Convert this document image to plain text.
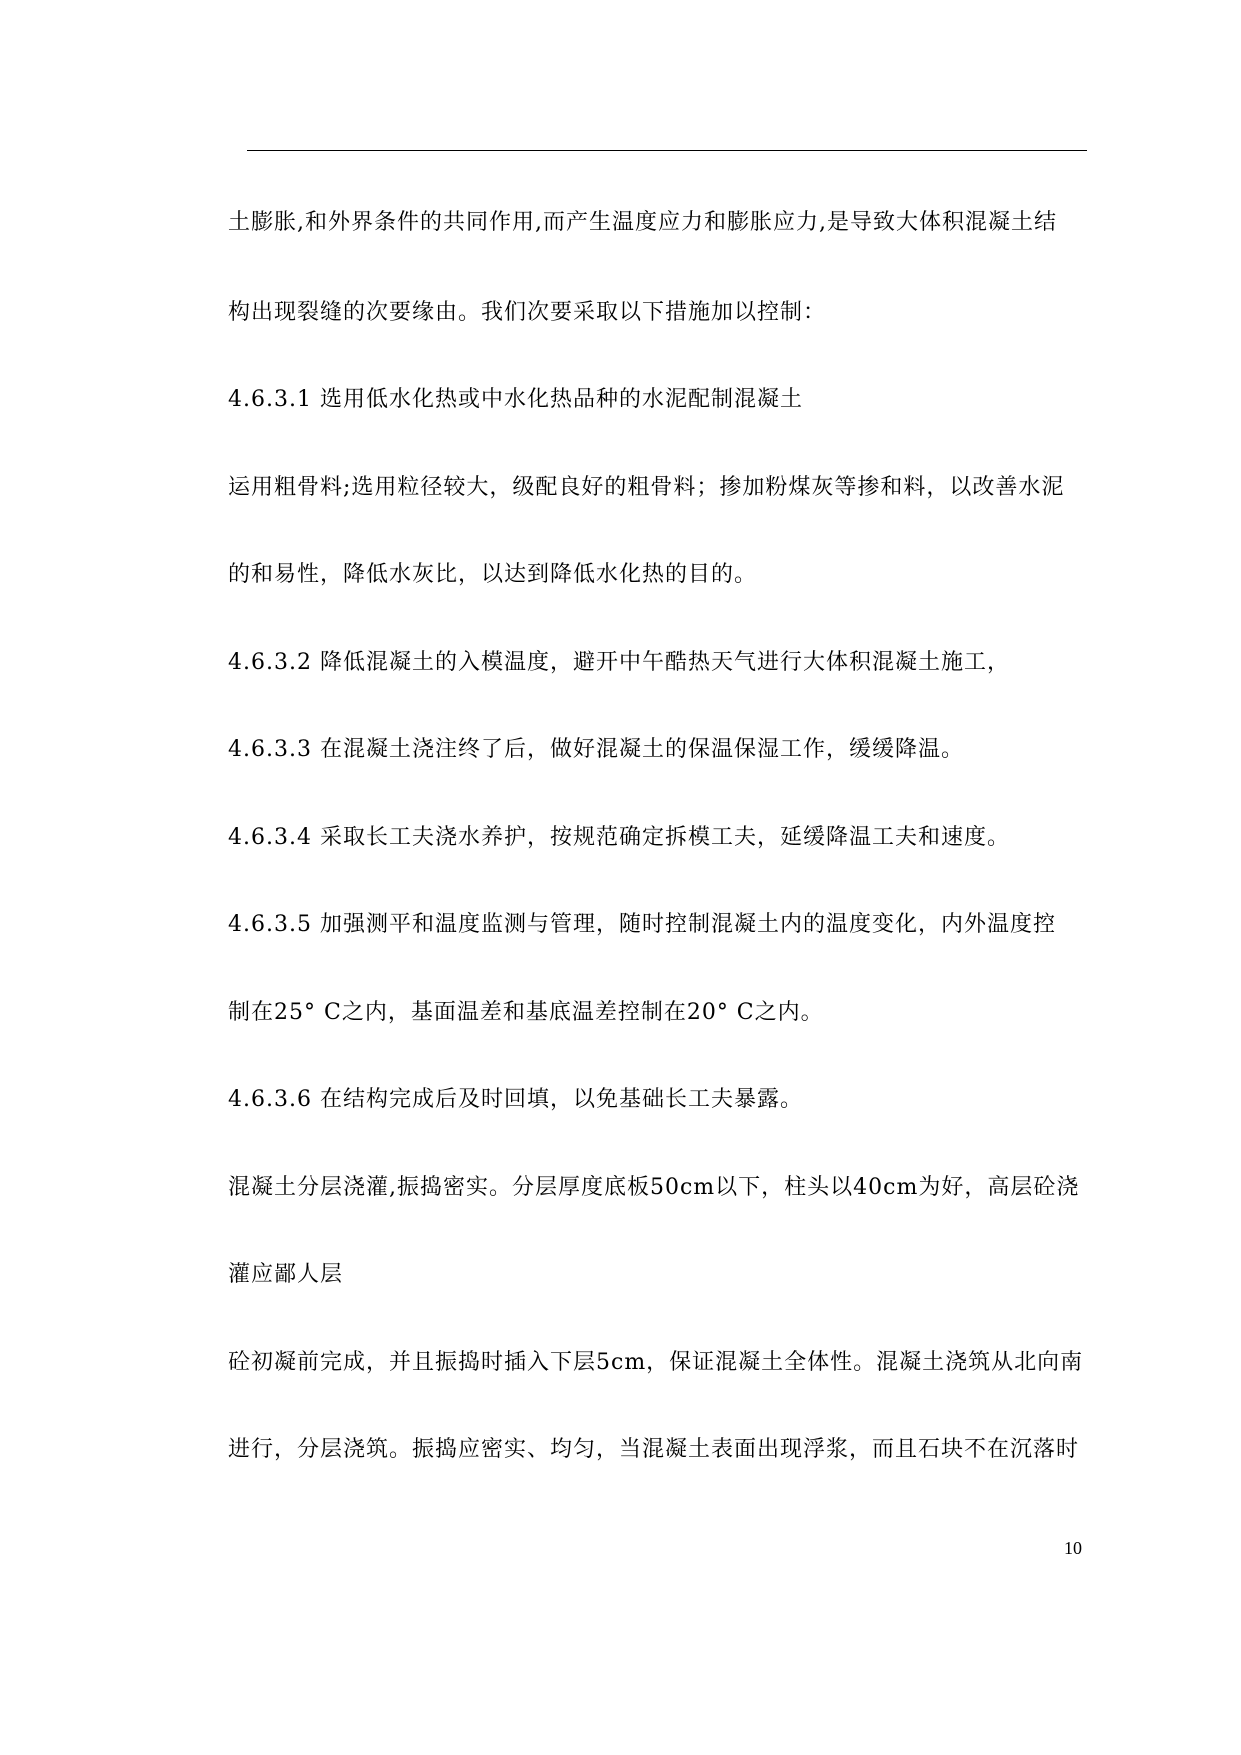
土膨胀,和外界条件的共同作用,而产生温度应力和膨胀应力,是导致大体积混凝土结
构出现裂缝的次要缘由。我们次要采取以下措施加以控制：
4.6.3.1 选用低水化热或中水化热品种的水泥配制混凝土
运用粗骨料;选用粒径较大，级配良好的粗骨料；掺加粉煤灰等掺和料，以改善水泥
的和易性，降低水灰比，以达到降低水化热的目的。
4.6.3.2 降低混凝土的入模温度，避开中午酷热天气进行大体积混凝土施工，
4.6.3.3 在混凝土浇注终了后，做好混凝土的保温保湿工作，缓缓降温。
4.6.3.4 采取长工夫浇水养护，按规范确定拆模工夫，延缓降温工夫和速度。
4.6.3.5 加强测平和温度监测与管理，随时控制混凝土内的温度变化，内外温度控
制在25° C之内，基面温差和基底温差控制在20° C之内。
4.6.3.6 在结构完成后及时回填，以免基础长工夫暴露。
混凝土分层浇灌,振捣密实。分层厚度底板50cm以下，柱头以40cm为好，高层砼浇
灌应鄙人层
砼初凝前完成，并且振捣时插入下层5cm，保证混凝土全体性。混凝土浇筑从北向南
进行，分层浇筑。振捣应密实、均匀，当混凝土表面出现浮浆，而且石块不在沉落时
10
